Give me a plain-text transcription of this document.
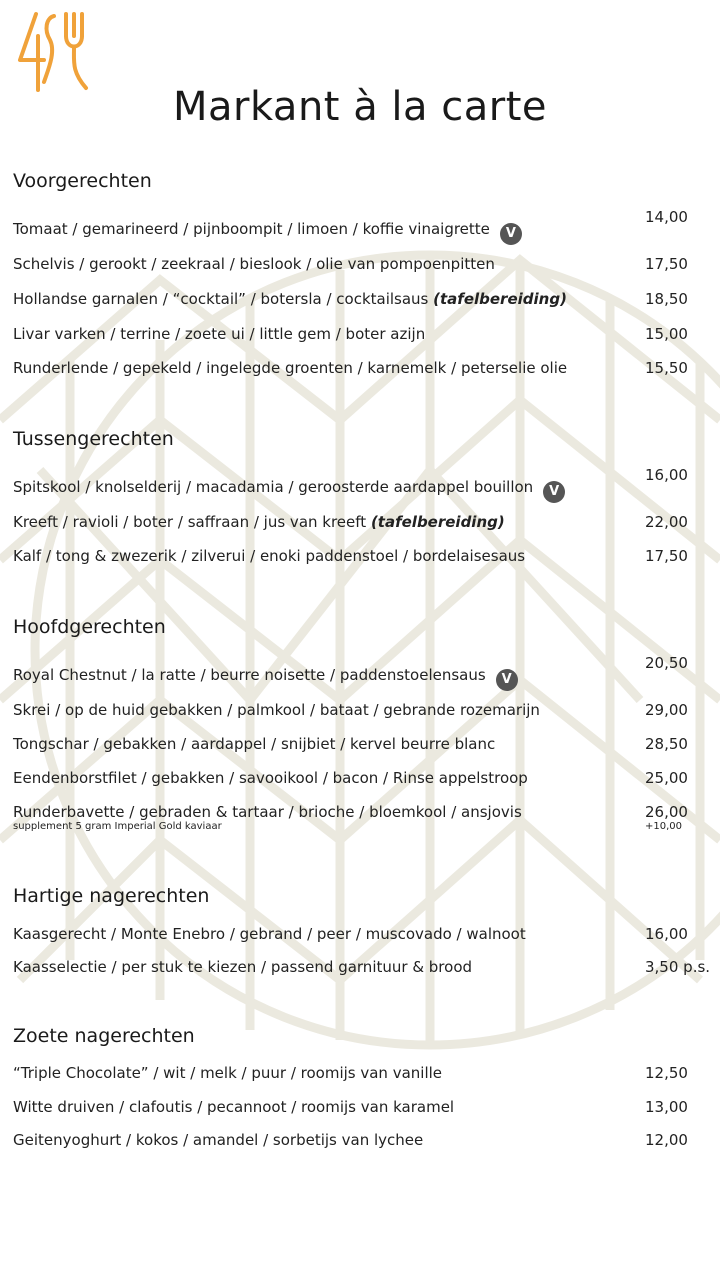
Markant à la carte
Voorgerechten
Tomaat / gemarineerd / pijnboompit / limoen / koffie vinaigrette V
14,00
Schelvis / gerookt / zeekraal / bieslook / olie van pompoenpitten	17,50
Hollandse garnalen / “cocktail” / botersla / cocktailsaus (tafelbereiding)	18,50
Livar varken / terrine / zoete ui / little gem / boter azijn	15,00
Runderlende / gepekeld / ingelegde groenten / karnemelk / peterselie olie	15,50
Tussengerechten
Spitskool / knolselderij / macadamia / geroosterde aardappel bouillon V
16,00
Kreeft / ravioli / boter / saffraan / jus van kreeft (tafelbereiding)	22,00
Kalf / tong & zwezerik / zilverui / enoki paddenstoel / bordelaisesaus	17,50
Hoofdgerechten
Royal Chestnut / la ratte / beurre noisette / paddenstoelensaus V
20,50
Skrei / op de huid gebakken / palmkool / bataat / gebrande rozemarijn	29,00
Tongschar / gebakken / aardappel / snijbiet / kervel beurre blanc	28,50
Eendenborstfilet / gebakken / savooikool / bacon / Rinse appelstroop	25,00
Runderbavette / gebraden & tartaar / brioche / bloemkool / ansjovis	26,00
supplement 5 gram Imperial Gold kaviaar	+10,00
Hartige nagerechten
Kaasgerecht / Monte Enebro / gebrand / peer / muscovado / walnoot	16,00
Kaasselectie / per stuk te kiezen / passend garnituur & brood	3,50 p.s.
Zoete nagerechten
“Triple Chocolate” / wit / melk / puur / roomijs van vanille	12,50
Witte druiven / clafoutis / pecannoot / roomijs van karamel	13,00
Geitenyoghurt / kokos / amandel / sorbetijs van lychee	12,00
